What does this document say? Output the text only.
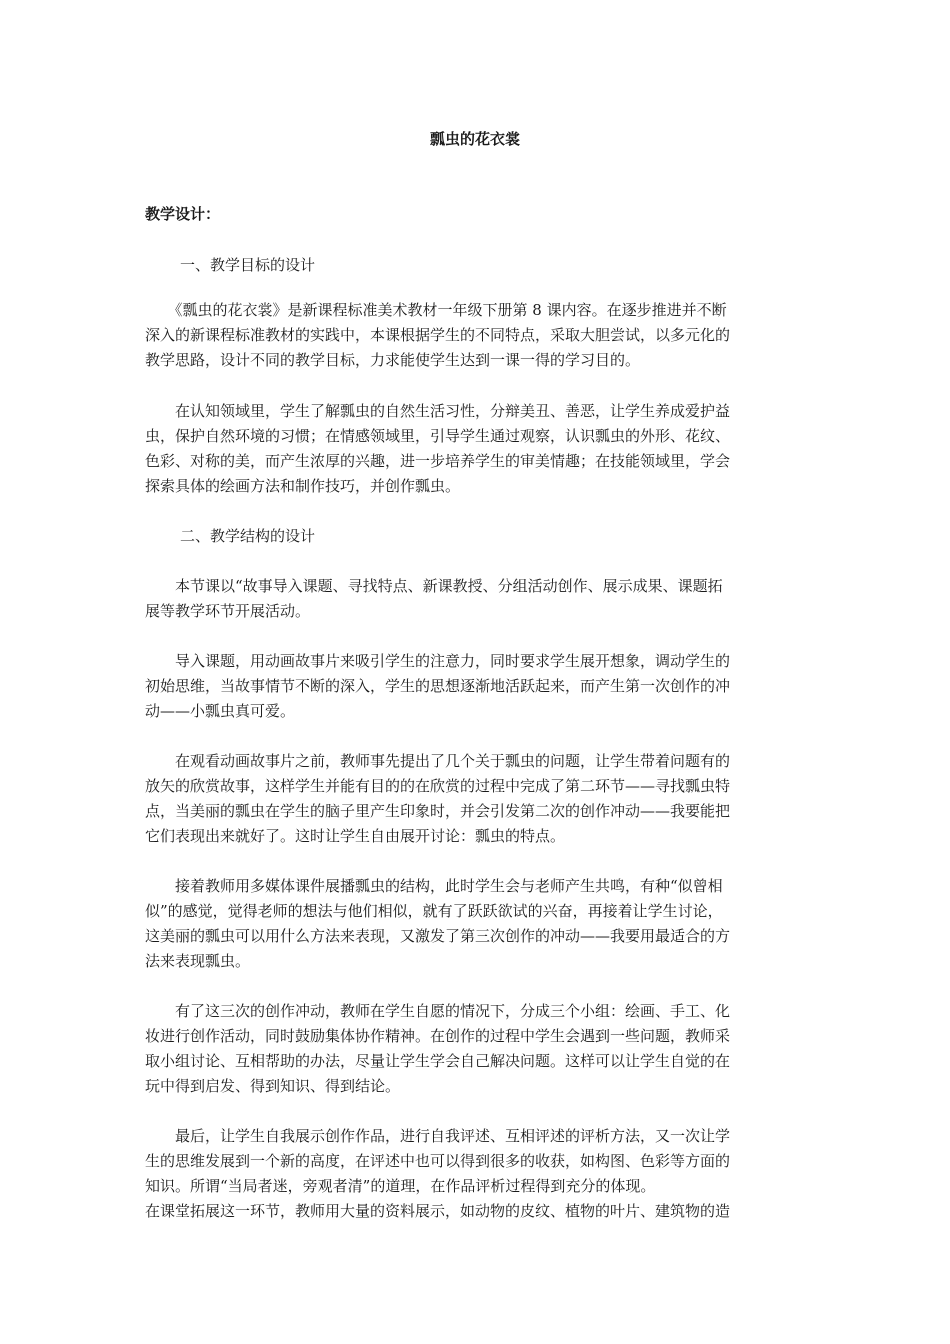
瓢虫的花衣裳
教学设计：

一、教学目标的设计

　　《瓢虫的花衣裳》是新课程标准美术教材一年级下册第 8 课内容。在逐步推进并不断
深入的新课程标准教材的实践中，本课根据学生的不同特点，采取大胆尝试，以多元化的
教学思路，设计不同的教学目标，力求能使学生达到一课一得的学习目的。
　　在认知领域里，学生了解瓢虫的自然生活习性，分辩美丑、善恶，让学生养成爱护益
虫，保护自然环境的习惯；在情感领域里，引导学生通过观察，认识瓢虫的外形、花纹、
色彩、对称的美，而产生浓厚的兴趣，进一步培养学生的审美情趣；在技能领域里，学会
探索具体的绘画方法和制作技巧，并创作瓢虫。

二、教学结构的设计

　　本节课以“故事导入课题、寻找特点、新课教授、分组活动创作、展示成果、课题拓
展等教学环节开展活动。
　　导入课题，用动画故事片来吸引学生的注意力，同时要求学生展开想象，调动学生的
初始思维，当故事情节不断的深入，学生的思想逐渐地活跃起来，而产生第一次创作的冲
动——小瓢虫真可爱。
　　在观看动画故事片之前，教师事先提出了几个关于瓢虫的问题，让学生带着问题有的
放矢的欣赏故事，这样学生并能有目的的在欣赏的过程中完成了第二环节——寻找瓢虫特
点，当美丽的瓢虫在学生的脑子里产生印象时，并会引发第二次的创作冲动——我要能把
它们表现出来就好了。这时让学生自由展开讨论：瓢虫的特点。
　　接着教师用多媒体课件展播瓢虫的结构，此时学生会与老师产生共鸣，有种“似曾相
似”的感觉，觉得老师的想法与他们相似，就有了跃跃欲试的兴奋，再接着让学生讨论，
这美丽的瓢虫可以用什么方法来表现，又激发了第三次创作的冲动——我要用最适合的方
法来表现瓢虫。
　　有了这三次的创作冲动，教师在学生自愿的情况下，分成三个小组：绘画、手工、化
妆进行创作活动，同时鼓励集体协作精神。在创作的过程中学生会遇到一些问题，教师采
取小组讨论、互相帮助的办法，尽量让学生学会自己解决问题。这样可以让学生自觉的在
玩中得到启发、得到知识、得到结论。
　　最后，让学生自我展示创作作品，进行自我评述、互相评述的评析方法，又一次让学
生的思维发展到一个新的高度，在评述中也可以得到很多的收获，如构图、色彩等方面的
知识。所谓“当局者迷，旁观者清”的道理，在作品评析过程得到充分的体现。
在课堂拓展这一环节，教师用大量的资料展示，如动物的皮纹、植物的叶片、建筑物的造
